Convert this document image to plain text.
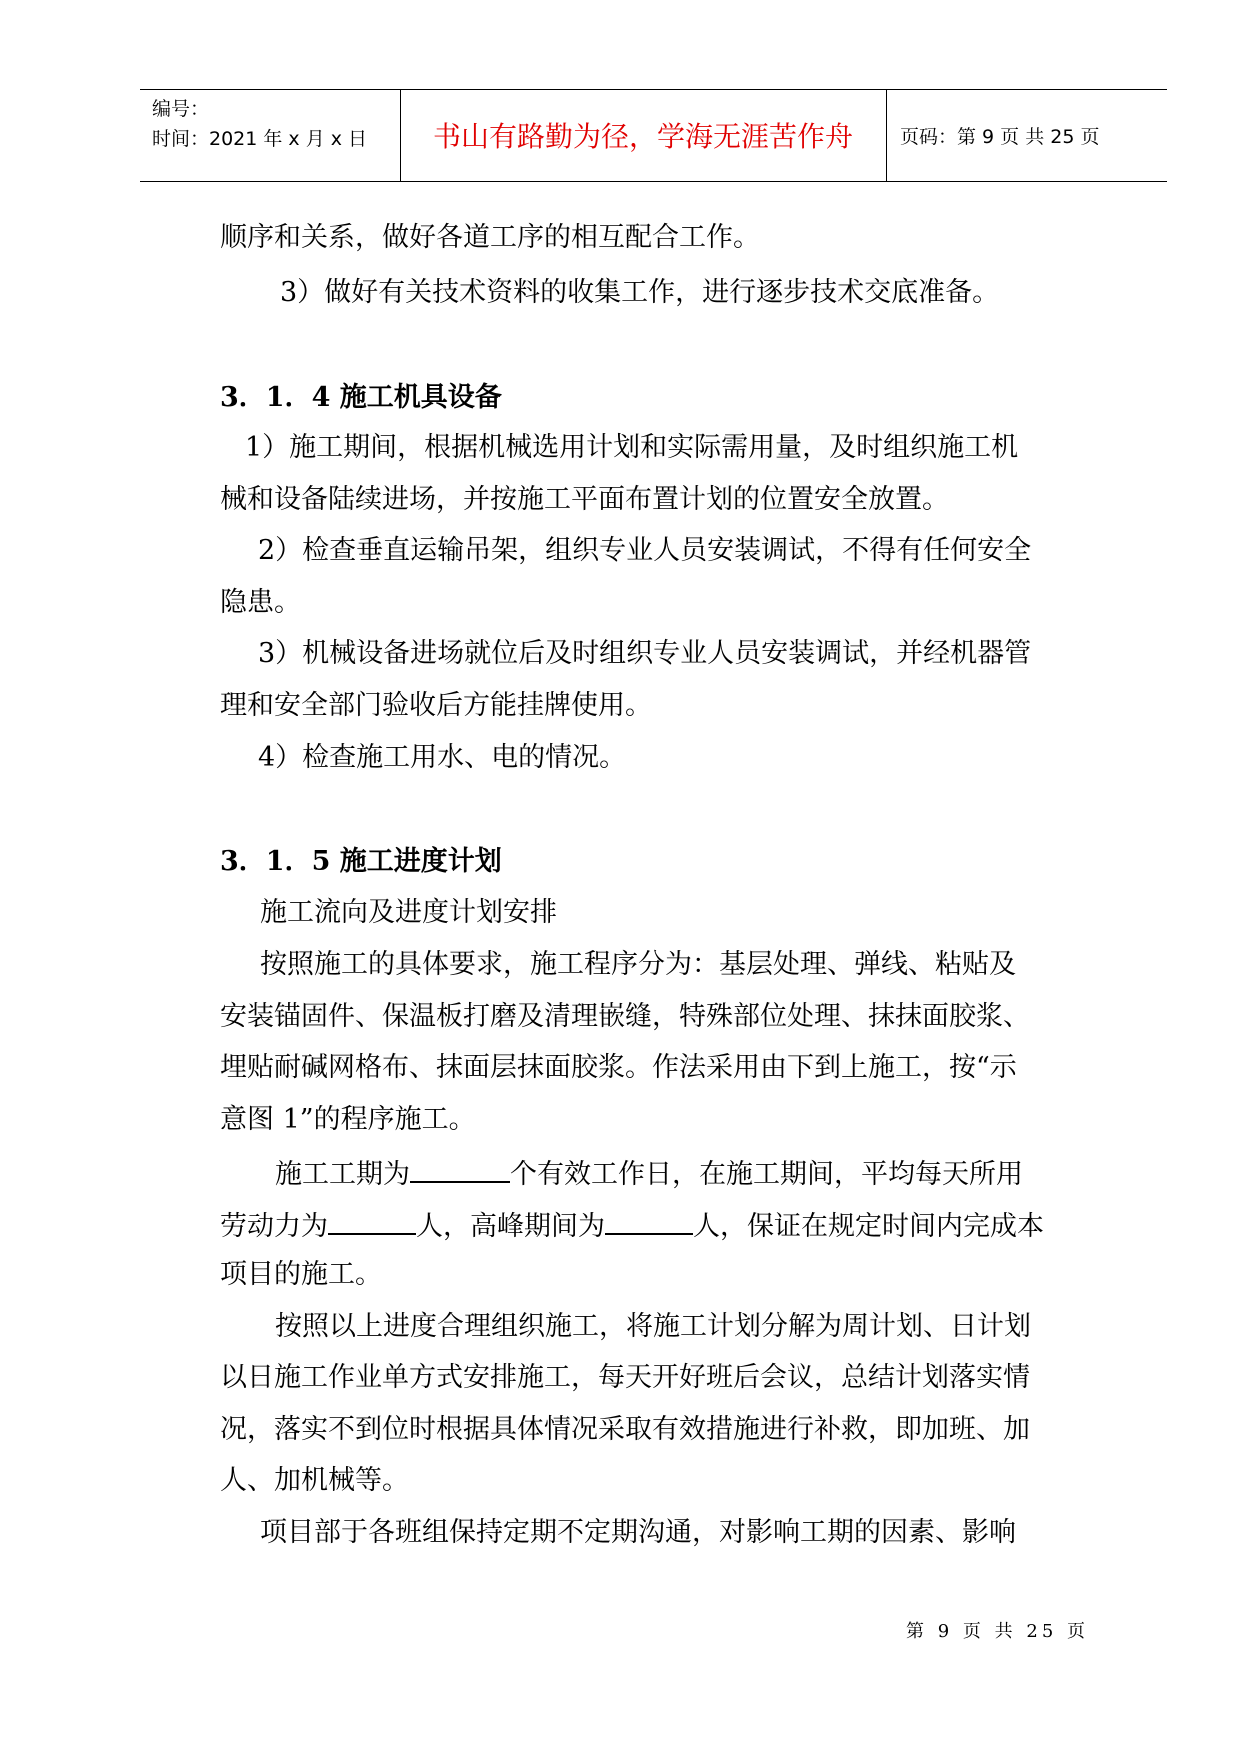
编号：
时间：2021 年 x 月 x 日	书山有路勤为径，学海无涯苦作舟	页码：第 9 页 共 25 页
顺序和关系，做好各道工序的相互配合工作。
3）做好有关技术资料的收集工作，进行逐步技术交底准备。
3．1．4 施工机具设备
1）施工期间，根据机械选用计划和实际需用量，及时组织施工机
械和设备陆续进场，并按施工平面布置计划的位置安全放置。
2）检查垂直运输吊架，组织专业人员安装调试，不得有任何安全
隐患。
3）机械设备进场就位后及时组织专业人员安装调试，并经机器管
理和安全部门验收后方能挂牌使用。
4）检查施工用水、电的情况。
3．1．5 施工进度计划
施工流向及进度计划安排
按照施工的具体要求，施工程序分为：基层处理、弹线、粘贴及
安装锚固件、保温板打磨及清理嵌缝，特殊部位处理、抹抹面胶浆、
埋贴耐碱网格布、抹面层抹面胶浆。作法采用由下到上施工，按“示
意图 1”的程序施工。
施工工期为	个有效工作日，在施工期间，平均每天所用
劳动力为	人，高峰期间为	人，保证在规定时间内完成本
项目的施工。
按照以上进度合理组织施工，将施工计划分解为周计划、日计划
以日施工作业单方式安排施工，每天开好班后会议，总结计划落实情
况，落实不到位时根据具体情况采取有效措施进行补救，即加班、加
人、加机械等。
项目部于各班组保持定期不定期沟通，对影响工期的因素、影响
第 9 页 共 25 页
